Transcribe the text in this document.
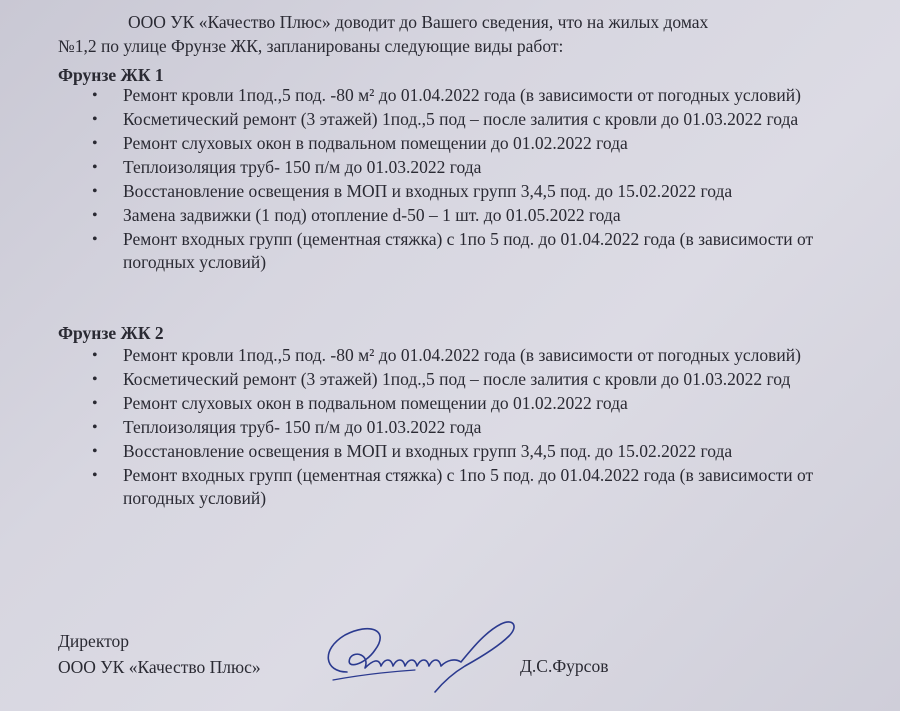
ООО УК «Качество Плюс» доводит до Вашего сведения, что на жилых домах
№1,2 по улице Фрунзе ЖК, запланированы следующие виды работ:

Фрунзе ЖК 1

• Ремонт кровли 1под.,5 под. -80 м² до 01.04.2022 года (в зависимости от погодных условий)
• Косметический ремонт (3 этажей) 1под.,5 под – после залития с кровли до 01.03.2022 года
• Ремонт слуховых окон в подвальном помещении до 01.02.2022 года
• Теплоизоляция труб- 150 п/м до 01.03.2022 года
• Восстановление освещения в МОП и входных групп 3,4,5 под. до 15.02.2022 года
• Замена задвижки (1 под) отопление d-50 – 1 шт. до 01.05.2022 года
• Ремонт входных групп (цементная стяжка) с 1по 5 под. до 01.04.2022 года (в зависимости от погодных условий)

Фрунзе ЖК 2

• Ремонт кровли 1под.,5 под. -80 м² до 01.04.2022 года (в зависимости от погодных условий)
• Косметический ремонт (3 этажей) 1под.,5 под – после залития с кровли до 01.03.2022 год
• Ремонт слуховых окон в подвальном помещении до 01.02.2022 года
• Теплоизоляция труб- 150 п/м до 01.03.2022 года
• Восстановление освещения в МОП и входных групп 3,4,5 под. до 15.02.2022 года
• Ремонт входных групп (цементная стяжка) с 1по 5 под. до 01.04.2022 года (в зависимости от погодных условий)
Директор
ООО УК «Качество Плюс»	Д.С.Фурсов
